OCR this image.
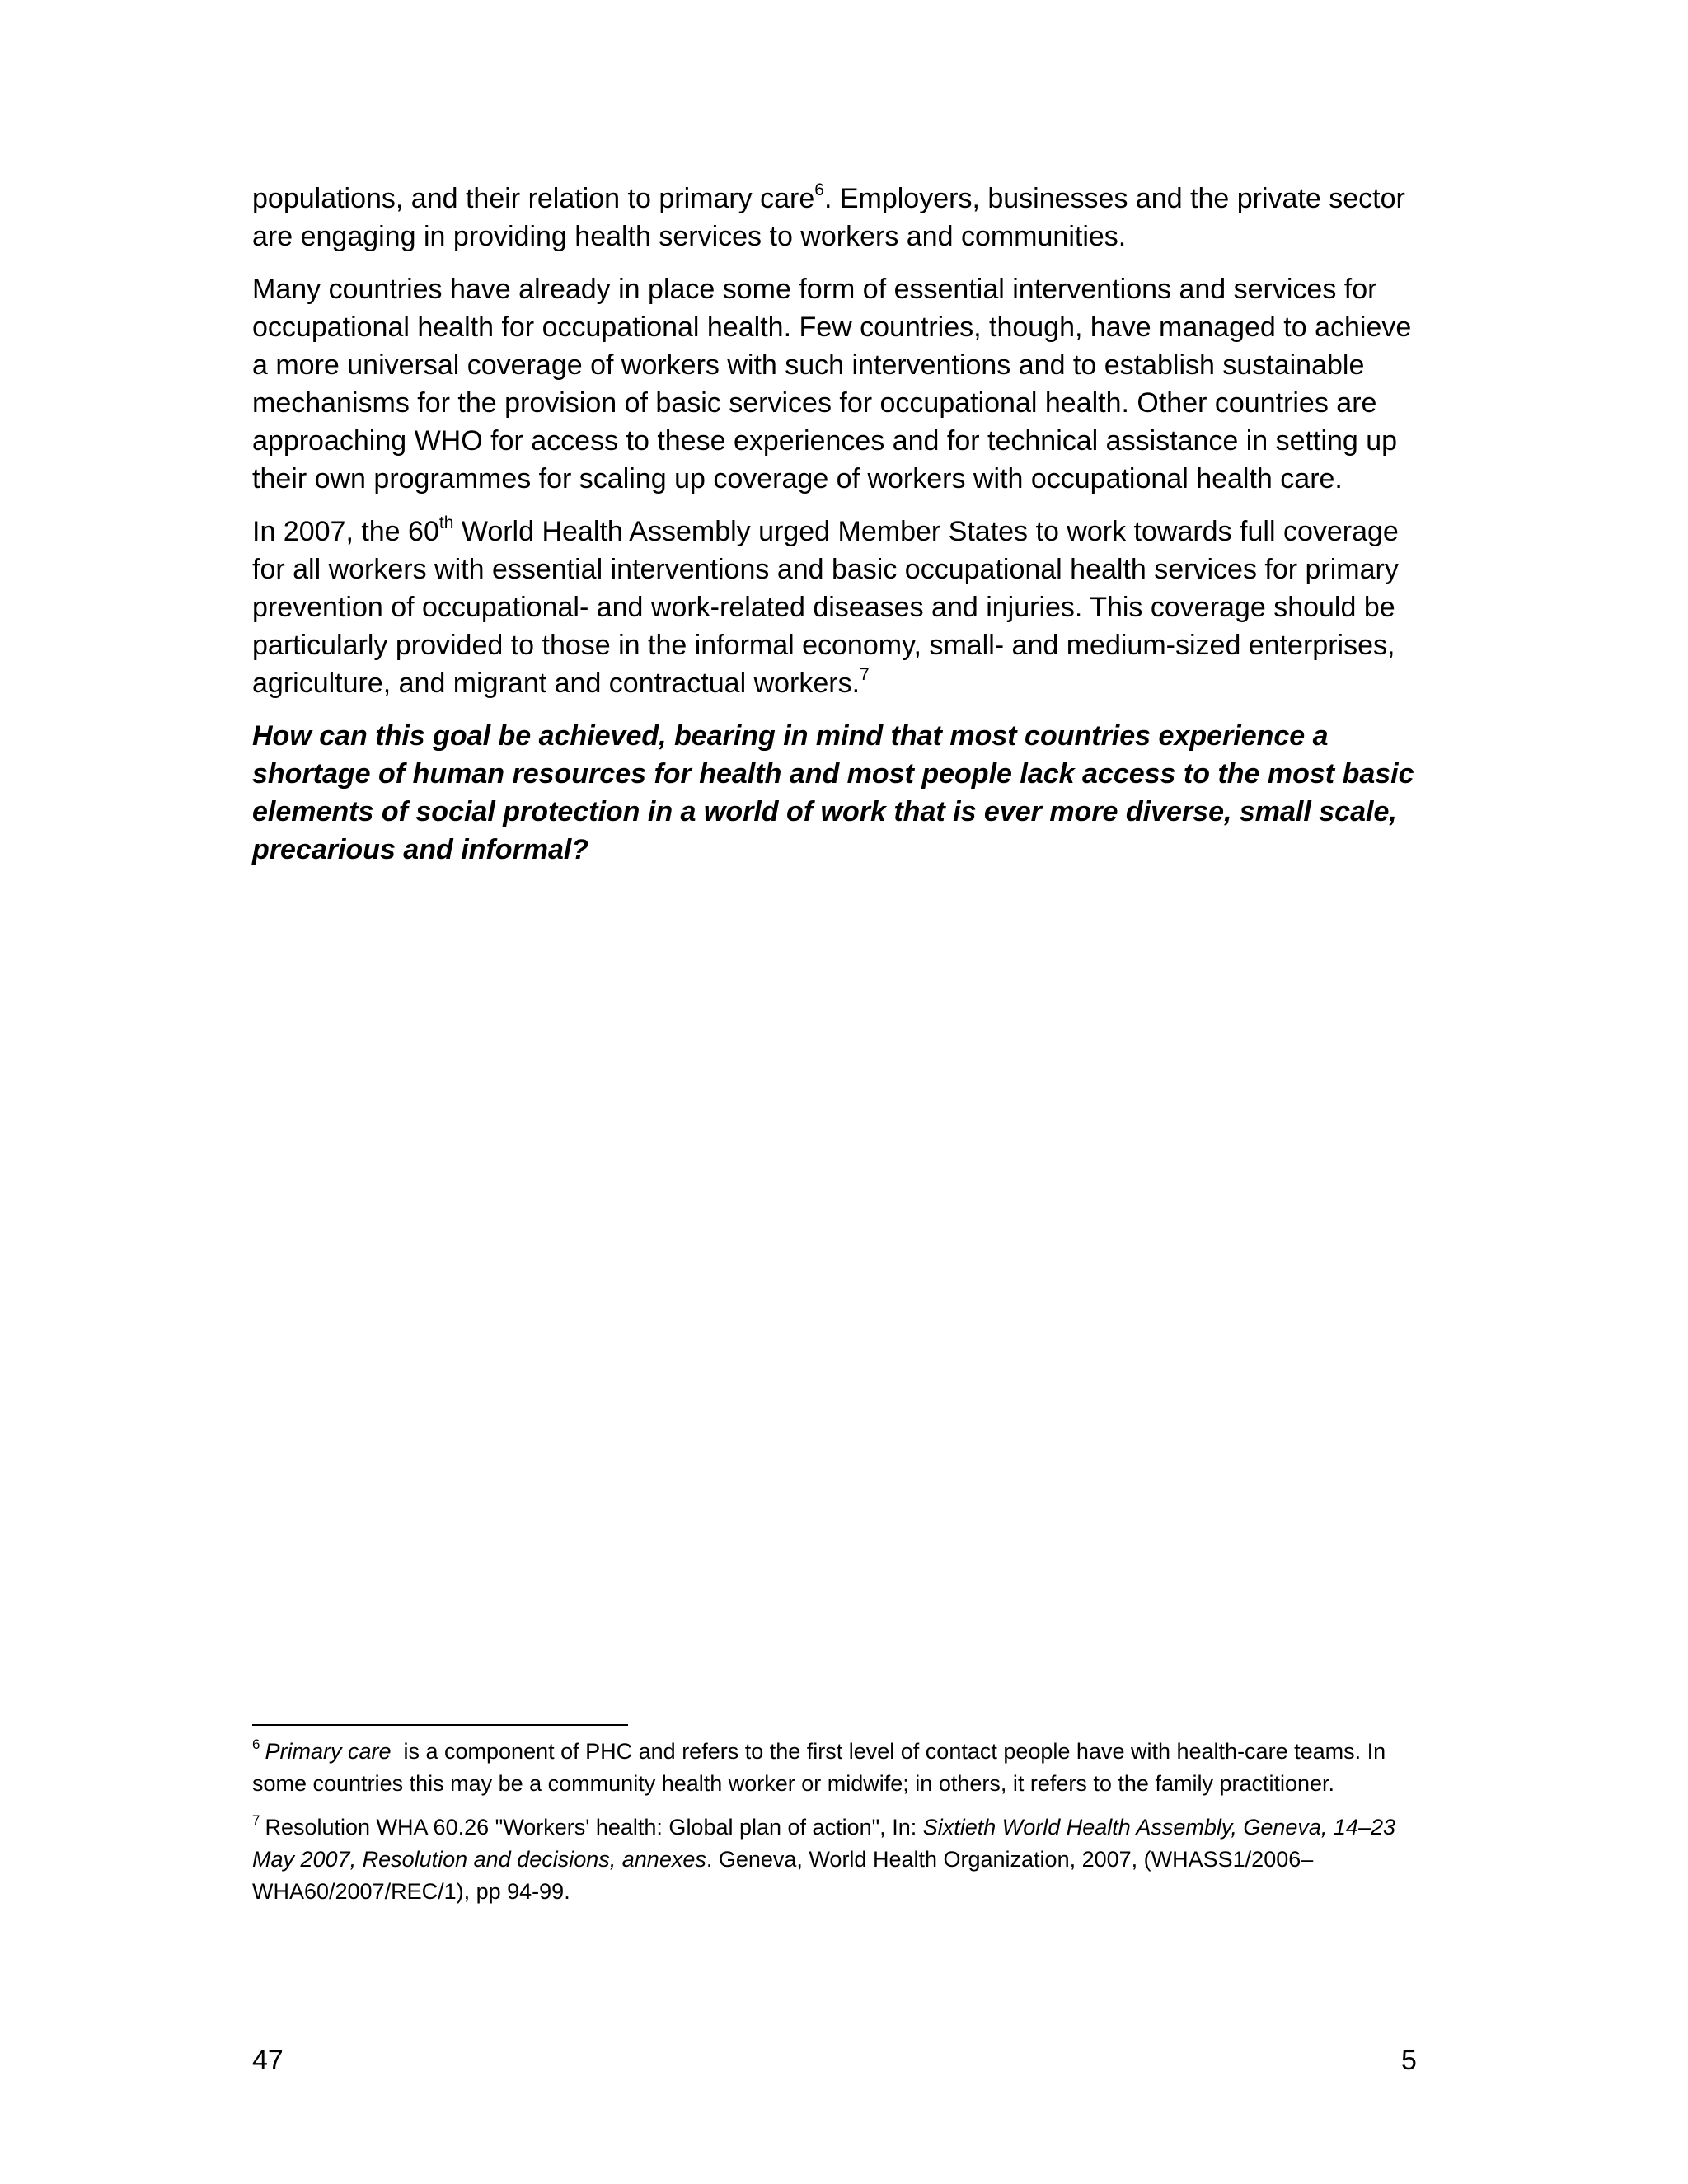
populations, and their relation to primary care$^6$. Employers, businesses and the private sector are engaging in providing health services to workers and communities.

Many countries have already in place some form of essential interventions and services for occupational health for occupational health. Few countries, though, have managed to achieve a more universal coverage of workers with such interventions and to establish sustainable mechanisms for the provision of basic services for occupational health. Other countries are approaching WHO for access to these experiences and for technical assistance in setting up their own programmes for scaling up coverage of workers with occupational health care.

In 2007, the 60th World Health Assembly urged Member States to work towards full coverage for all workers with essential interventions and basic occupational health services for primary prevention of occupational- and work-related diseases and injuries. This coverage should be particularly provided to those in the informal economy, small- and medium-sized enterprises, agriculture, and migrant and contractual workers.$^7$

How can this goal be achieved, bearing in mind that most countries experience a shortage of human resources for health and most people lack access to the most basic elements of social protection in a world of work that is ever more diverse, small scale, precarious and informal?

$^6$ Primary care  is a component of PHC and refers to the first level of contact people have with health-care teams. In some countries this may be a community health worker or midwife; in others, it refers to the family practitioner.

$^7$ Resolution WHA 60.26 "Workers' health: Global plan of action", In: Sixtieth World Health Assembly, Geneva, 14–23 May 2007, Resolution and decisions, annexes. Geneva, World Health Organization, 2007, (WHASS1/2006–WHA60/2007/REC/1), pp 94-99.

47	5
